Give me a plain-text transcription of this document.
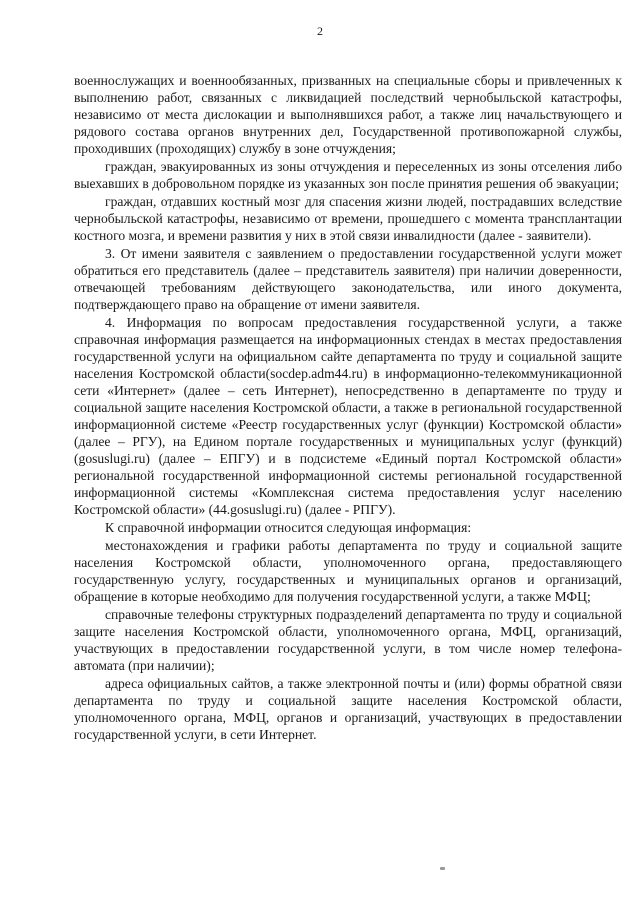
2

военнослужащих и военнообязанных, призванных на специальные сборы и привлеченных к выполнению работ, связанных с ликвидацией последствий чернобыльской катастрофы, независимо от места дислокации и выполнявшихся работ, а также лиц начальствующего и рядового состава органов внутренних дел, Государственной противопожарной службы, проходивших (проходящих) службу в зоне отчуждения;

граждан, эвакуированных из зоны отчуждения и переселенных из зоны отселения либо выехавших в добровольном порядке из указанных зон после принятия решения об эвакуации;

граждан, отдавших костный мозг для спасения жизни людей, пострадавших вследствие чернобыльской катастрофы, независимо от времени, прошедшего с момента трансплантации костного мозга, и времени развития у них в этой связи инвалидности (далее - заявители).

3. От имени заявителя с заявлением о предоставлении государственной услуги может обратиться его представитель (далее – представитель заявителя) при наличии доверенности, отвечающей требованиям действующего законодательства, или иного документа, подтверждающего право на обращение от имени заявителя.

4. Информация по вопросам предоставления государственной услуги, а также справочная информация размещается на информационных стендах в местах предоставления государственной услуги на официальном сайте департамента по труду и социальной защите населения Костромской области(socdep.adm44.ru) в информационно-телекоммуникационной сети «Интернет» (далее – сеть Интернет), непосредственно в департаменте по труду и социальной защите населения Костромской области, а также в региональной государственной информационной системе «Реестр государственных услуг (функции) Костромской области» (далее – РГУ), на Едином портале государственных и муниципальных услуг (функций) (gosuslugi.ru) (далее – ЕПГУ) и в подсистеме «Единый портал Костромской области» региональной государственной информационной системы региональной государственной информационной системы «Комплексная система предоставления услуг населению Костромской области» (44.gosuslugi.ru) (далее - РПГУ).

К справочной информации относится следующая информация:

местонахождения и графики работы департамента по труду и социальной защите населения Костромской области, уполномоченного органа, предоставляющего государственную услугу, государственных и муниципальных органов и организаций, обращение в которые необходимо для получения государственной услуги, а также МФЦ;

справочные телефоны структурных подразделений департамента по труду и социальной защите населения Костромской области, уполномоченного органа, МФЦ, организаций, участвующих в предоставлении государственной услуги, в том числе номер телефона-автомата (при наличии);

адреса официальных сайтов, а также электронной почты и (или) формы обратной связи департамента по труду и социальной защите населения Костромской области, уполномоченного органа, МФЦ, органов и организаций, участвующих в предоставлении государственной услуги, в сети Интернет.
